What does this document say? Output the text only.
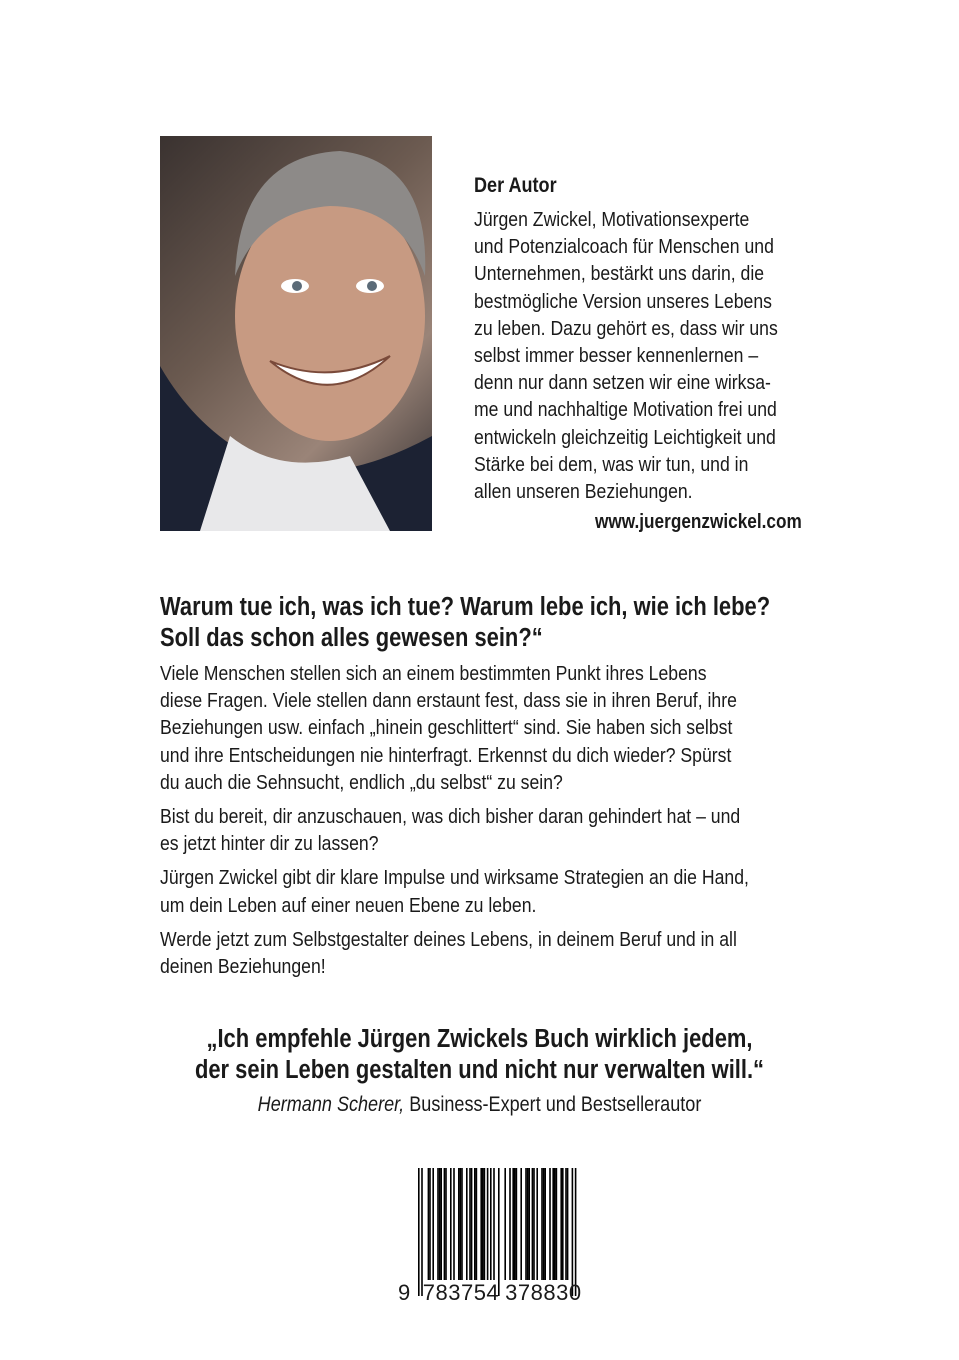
Der Autor
Jürgen Zwickel, Motivationsexperte
und Potenzialcoach für Menschen und
Unternehmen, bestärkt uns darin, die
bestmögliche Version unseres Lebens
zu leben. Dazu gehört es, dass wir uns
selbst immer besser kennenlernen –
denn nur dann setzen wir eine wirksa-
me und nachhaltige Motivation frei und
entwickeln gleichzeitig Leichtigkeit und
Stärke bei dem, was wir tun, und in
allen unseren Beziehungen.
www.juergenzwickel.com
Warum tue ich, was ich tue? Warum lebe ich, wie ich lebe?
Soll das schon alles gewesen sein?“

Viele Menschen stellen sich an einem bestimmten Punkt ihres Lebens
diese Fragen. Viele stellen dann erstaunt fest, dass sie in ihren Beruf, ihre
Beziehungen usw. einfach „hinein geschlittert“ sind. Sie haben sich selbst
und ihre Entscheidungen nie hinterfragt. Erkennst du dich wieder? Spürst
du auch die Sehnsucht, endlich „du selbst“ zu sein?

Bist du bereit, dir anzuschauen, was dich bisher daran gehindert hat – und
es jetzt hinter dir zu lassen?

Jürgen Zwickel gibt dir klare Impulse und wirksame Strategien an die Hand,
um dein Leben auf einer neuen Ebene zu leben.

Werde jetzt zum Selbstgestalter deines Lebens, in deinem Beruf und in all
deinen Beziehungen!

„Ich empfehle Jürgen Zwickels Buch wirklich jedem,
der sein Leben gestalten und nicht nur verwalten will.“
Hermann Scherer, Business-Expert und Bestsellerautor
9 783754 378830
